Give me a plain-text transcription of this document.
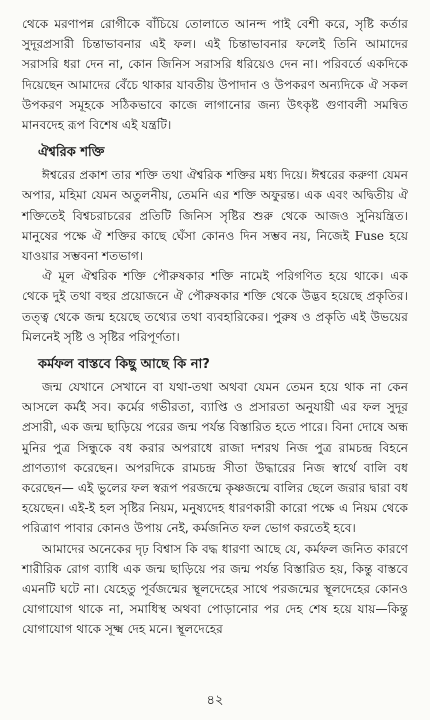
থেকে মরণাপন্ন রোগীকে বাঁচিয়ে তোলাতে আনন্দ পাই বেশী করে, সৃষ্টি কর্তার সুদূরপ্রসারী চিন্তাভাবনার এই ফল। এই চিন্তাভাবনার ফলেই তিনি আমাদের সরাসরি ধরা দেন না, কোন জিনিস সরাসরি ধরিয়েও দেন না। পরিবর্তে একদিকে দিয়েছেন আমাদের বেঁচে থাকার যাবতীয় উপাদান ও উপকরণ অন্যদিকে ঐ সকল উপকরণ সমূহকে সঠিকভাবে কাজে লাগানোর জন্য উৎকৃষ্ট গুণাবলী সমন্বিত মানবদেহ রূপ বিশেষ এই যন্ত্রটি।

ঐশ্বরিক শক্তি

ঈশ্বরের প্রকাশ তার শক্তি তথা ঐশ্বরিক শক্তির মধ্য দিয়ে। ঈশ্বরের করুণা যেমন অপার, মহিমা যেমন অতুলনীয়, তেমনি এর শক্তি অফুরন্ত। এক এবং অদ্বিতীয় ঐ শক্তিতেই বিশ্বচরাচরের প্রতিটি জিনিস সৃষ্টির শুরু থেকে আজও সুনিয়ন্ত্রিত। মানুষের পক্ষে ঐ শক্তির কাছে ঘেঁসা কোনও দিন সম্ভব নয়, নিজেই Fuse হয়ে যাওয়ার সম্ভবনা শতভাগ।

ঐ মূল ঐশ্বরিক শক্তি পৌরুষকার শক্তি নামেই পরিগণিত হয়ে থাকে। এক থেকে দুই তথা বহুর প্রয়োজনে ঐ পৌরুষকার শক্তি থেকে উদ্ভব হয়েছে প্রকৃতির। তত্ত্ব থেকে জন্ম হয়েছে তথ্যের তথা ব্যবহারিকের। পুরুষ ও প্রকৃতি এই উভয়ের মিলনেই সৃষ্টি ও সৃষ্টির পরিপূর্ণতা।

কর্মফল বাস্তবে কিছু আছে কি না?

জন্ম যেখানে সেখানে বা যথা-তথা অথবা যেমন তেমন হয়ে থাক না কেন আসলে কর্মই সব। কর্মের গভীরতা, ব্যাপ্তি ও প্রসারতা অনুযায়ী এর ফল সুদূর প্রসারী, এক জন্ম ছাড়িয়ে পরের জন্ম পর্যন্ত বিস্তারিত হতে পারে। বিনা দোষে অন্ধ মুনির পুত্র সিন্ধুকে বধ করার অপরাধে রাজা দশরথ নিজ পুত্র রামচন্দ্র বিহনে প্রাণত্যাগ করেছেন। অপরদিকে রামচন্দ্র সীতা উদ্ধারের নিজ স্বার্থে বালি বধ করেছেন— এই ভুলের ফল স্বরূপ পরজন্মে কৃষ্ণজন্মে বালির ছেলে জরার দ্বারা বধ হয়েছেন। এই-ই হল সৃষ্টির নিয়ম, মনুষ্যদেহ ধারণকারী কারো পক্ষে এ নিয়ম থেকে পরিত্রাণ পাবার কোনও উপায় নেই, কর্মজনিত ফল ভোগ করতেই হবে।

আমাদের অনেকের দৃঢ় বিশ্বাস কি বদ্ধ ধারণা আছে যে, কর্মফল জনিত কারণে শারীরিক রোগ ব্যাধি এক জন্ম ছাড়িয়ে পর জন্ম পর্যন্ত বিস্তারিত হয়, কিন্তু বাস্তবে এমনটি ঘটে না। যেহেতু পূর্বজন্মের স্থূলদেহের সাথে পরজন্মের স্থূলদেহের কোনও যোগাযোগ থাকে না, সমাধিস্থ অথবা পোড়ানোর পর দেহ শেষ হয়ে যায়—কিন্তু যোগাযোগ থাকে সূক্ষ্ম দেহ মনে। স্থূলদেহের

৪২
